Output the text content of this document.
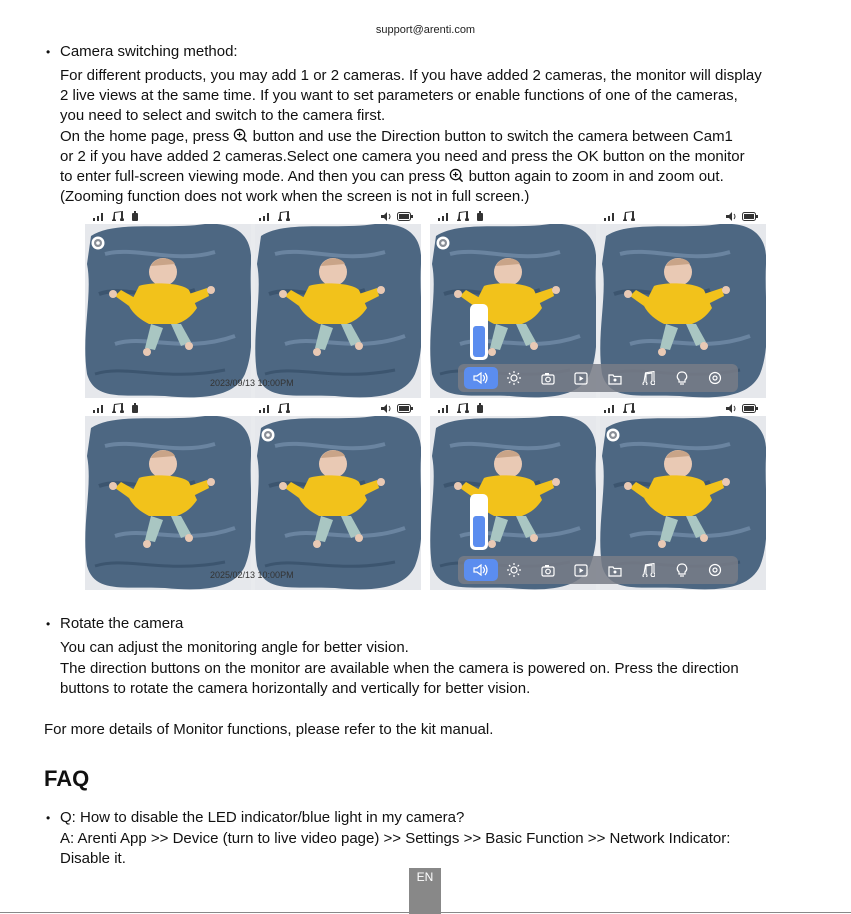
support@arenti.com
• Camera switching method:
For different products, you may add 1 or 2 cameras. If you have added 2 cameras, the monitor will display
2 live views at the same time. If you want to set parameters or enable functions of one of the cameras,
you need to select and switch to the camera first.
On the home page, press button and use the Direction button to switch the camera between Cam1
or 2 if you have added 2 cameras.Select one camera you need and press the OK button on the monitor
to enter full-screen viewing mode. And then you can press button again to zoom in and zoom out.
(Zooming function does not work when the screen is not in full screen.)
2023/09/13 10:00PM
2025/02/13 10:00PM
• Rotate the camera
You can adjust the monitoring angle for better vision.
The direction buttons on the monitor are available when the camera is powered on. Press the direction
buttons to rotate the camera horizontally and vertically for better vision.
For more details of Monitor functions, please refer to the kit manual.
FAQ
• Q: How to disable the LED indicator/blue light in my camera?
A: Arenti App >> Device (turn to live video page) >> Settings >> Basic Function >> Network Indicator:
Disable it.
EN
